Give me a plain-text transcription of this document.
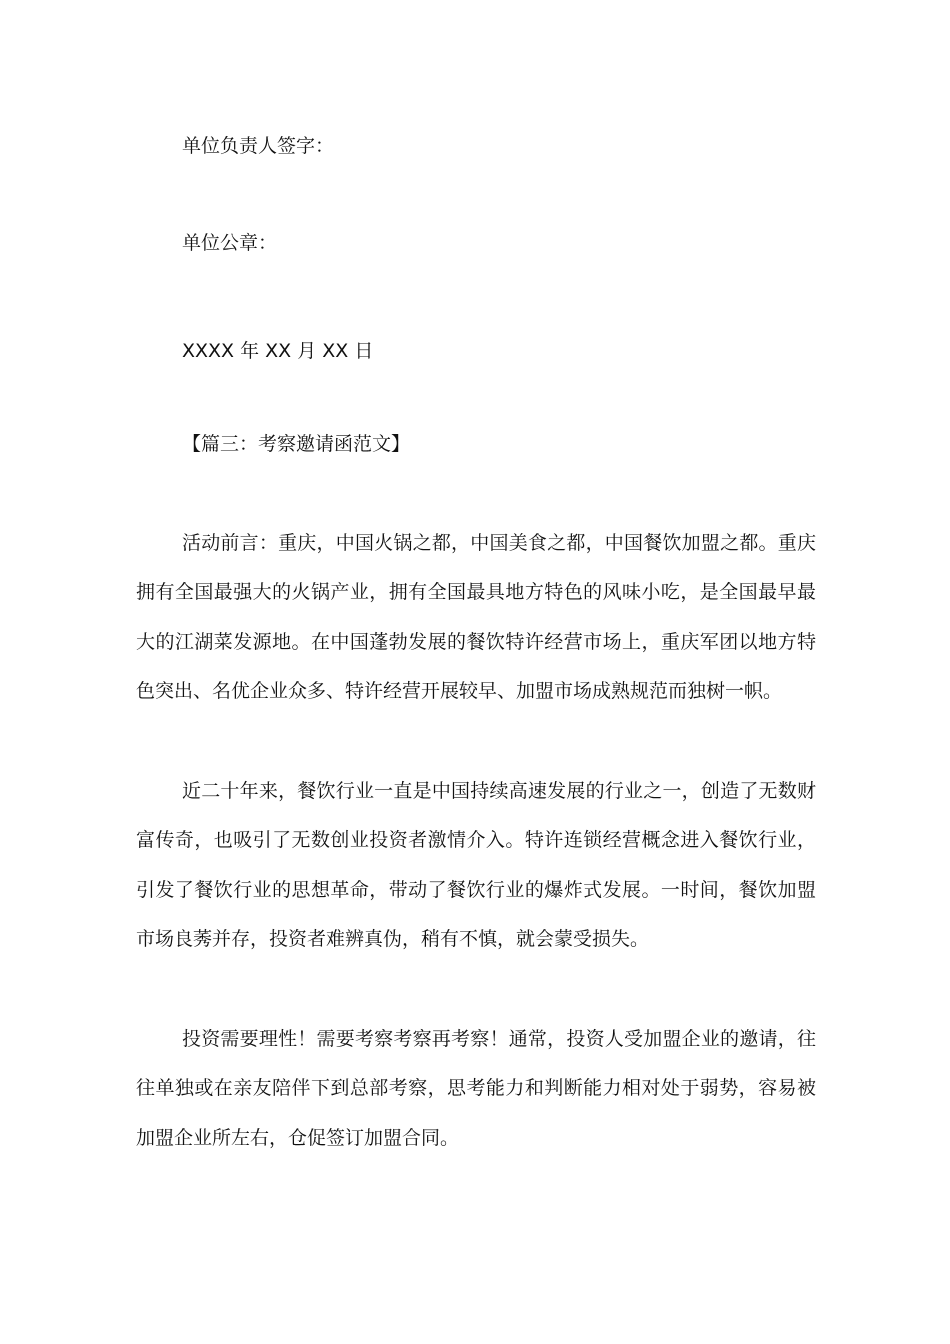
单位负责人签字：
单位公章：
XXXX 年 XX 月 XX 日
【篇三：考察邀请函范文】

活动前言：重庆，中国火锅之都，中国美食之都，中国餐饮加盟之都。重庆拥有全国最强大的火锅产业，拥有全国最具地方特色的风味小吃，是全国最早最大的江湖菜发源地。在中国蓬勃发展的餐饮特许经营市场上，重庆军团以地方特色突出、名优企业众多、特许经营开展较早、加盟市场成熟规范而独树一帜。

近二十年来，餐饮行业一直是中国持续高速发展的行业之一，创造了无数财富传奇，也吸引了无数创业投资者激情介入。特许连锁经营概念进入餐饮行业，引发了餐饮行业的思想革命，带动了餐饮行业的爆炸式发展。一时间，餐饮加盟市场良莠并存，投资者难辨真伪，稍有不慎，就会蒙受损失。

投资需要理性！需要考察考察再考察！通常，投资人受加盟企业的邀请，往往单独或在亲友陪伴下到总部考察，思考能力和判断能力相对处于弱势，容易被加盟企业所左右，仓促签订加盟合同。
